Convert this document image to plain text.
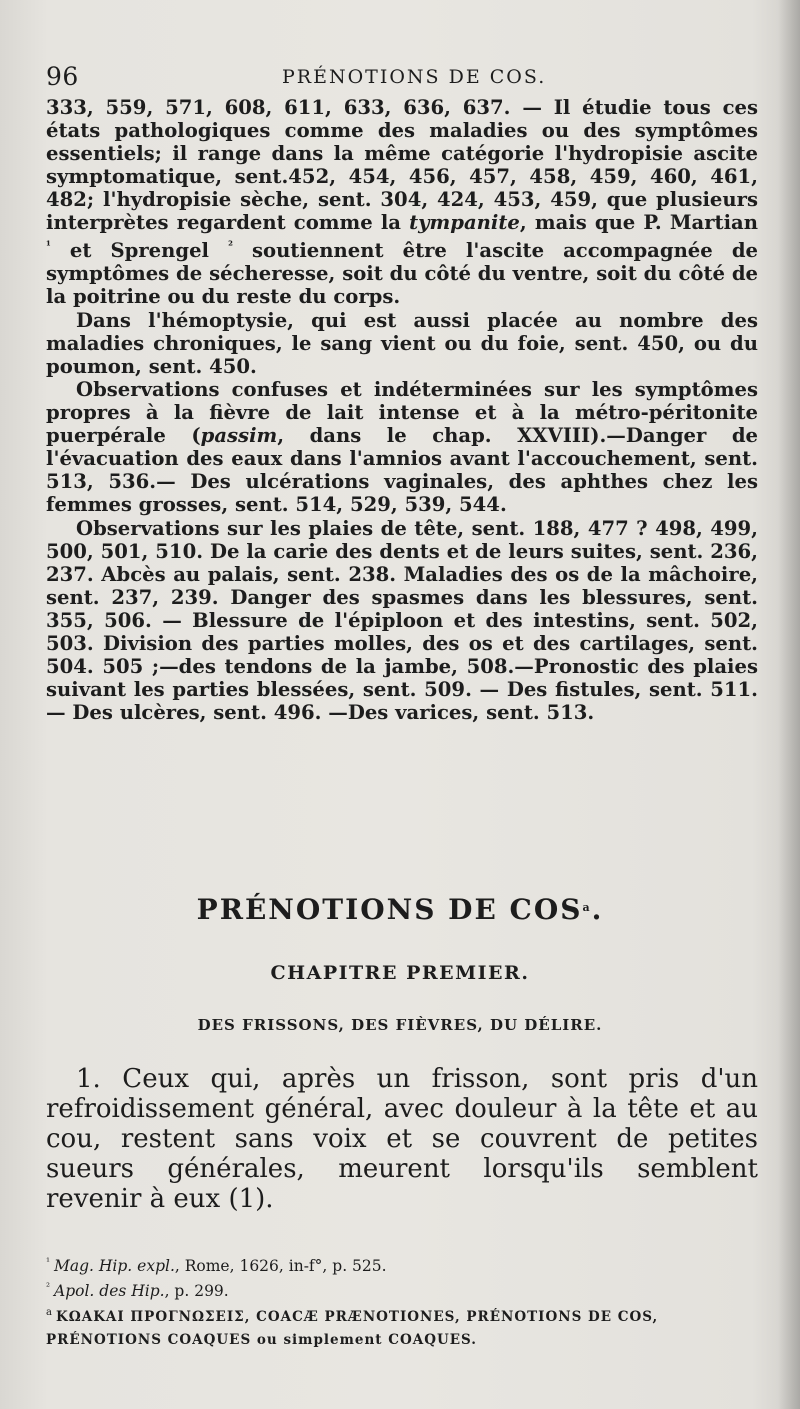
96	PRÉNOTIONS DE COS.

333, 559, 571, 608, 611, 633, 636, 637. — Il étudie tous ces états pathologiques comme des maladies ou des symptômes essentiels; il range dans la même catégorie l'hydropisie ascite symptomatique, sent.452, 454, 456, 457, 458, 459, 460, 461, 482; l'hydropisie sèche, sent. 304, 424, 453, 459, que plusieurs interprètes regardent comme la tympanite, mais que P. Martian $^{^1}$ et Sprengel $^{^2}$ soutiennent être l'ascite accompagnée de symptômes de sécheresse, soit du côté du ventre, soit du côté de la poitrine ou du reste du corps.

Dans l'hémoptysie, qui est aussi placée au nombre des maladies chroniques, le sang vient ou du foie, sent. 450, ou du poumon, sent. 450.

Observations confuses et indéterminées sur les symptômes propres à la fièvre de lait intense et à la métro-péritonite puerpérale (passim, dans le chap. XXVIII).—Danger de l'évacuation des eaux dans l'amnios avant l'accouchement, sent. 513, 536.— Des ulcérations vaginales, des aphthes chez les femmes grosses, sent. 514, 529, 539, 544.

Observations sur les plaies de tête, sent. 188, 477 ? 498, 499, 500, 501, 510. De la carie des dents et de leurs suites, sent. 236, 237. Abcès au palais, sent. 238. Maladies des os de la mâchoire, sent. 237, 239. Danger des spasmes dans les blessures, sent. 355, 506. — Blessure de l'épiploon et des intestins, sent. 502, 503. Division des parties molles, des os et des cartilages, sent. 504. 505 ;—des tendons de la jambe, 508.—Pronostic des plaies suivant les parties blessées, sent. 509. — Des fistules, sent. 511. — Des ulcères, sent. 496. —Des varices, sent. 513.

PRÉNOTIONS DE COS$^a$.
CHAPITRE PREMIER.
DES FRISSONS, DES FIÈVRES, DU DÉLIRE.

1. Ceux qui, après un frisson, sont pris d'un refroidissement général, avec douleur à la tête et au cou, restent sans voix et se couvrent de petites sueurs générales, meurent lorsqu'ils semblent revenir à eux (1).

$^{^1}$ Mag. Hip. expl., Rome, 1626, in-f°, p. 525.
$^{^2}$ Apol. des Hip., p. 299.
$^a$ ΚΩΑΚΑΙ ΠΡΟΓΝΩΣΕΙΣ, COACÆ PRÆNOTIONES, PRÉNOTIONS DE COS, PRÉNOTIONS COAQUES ou simplement COAQUES.
